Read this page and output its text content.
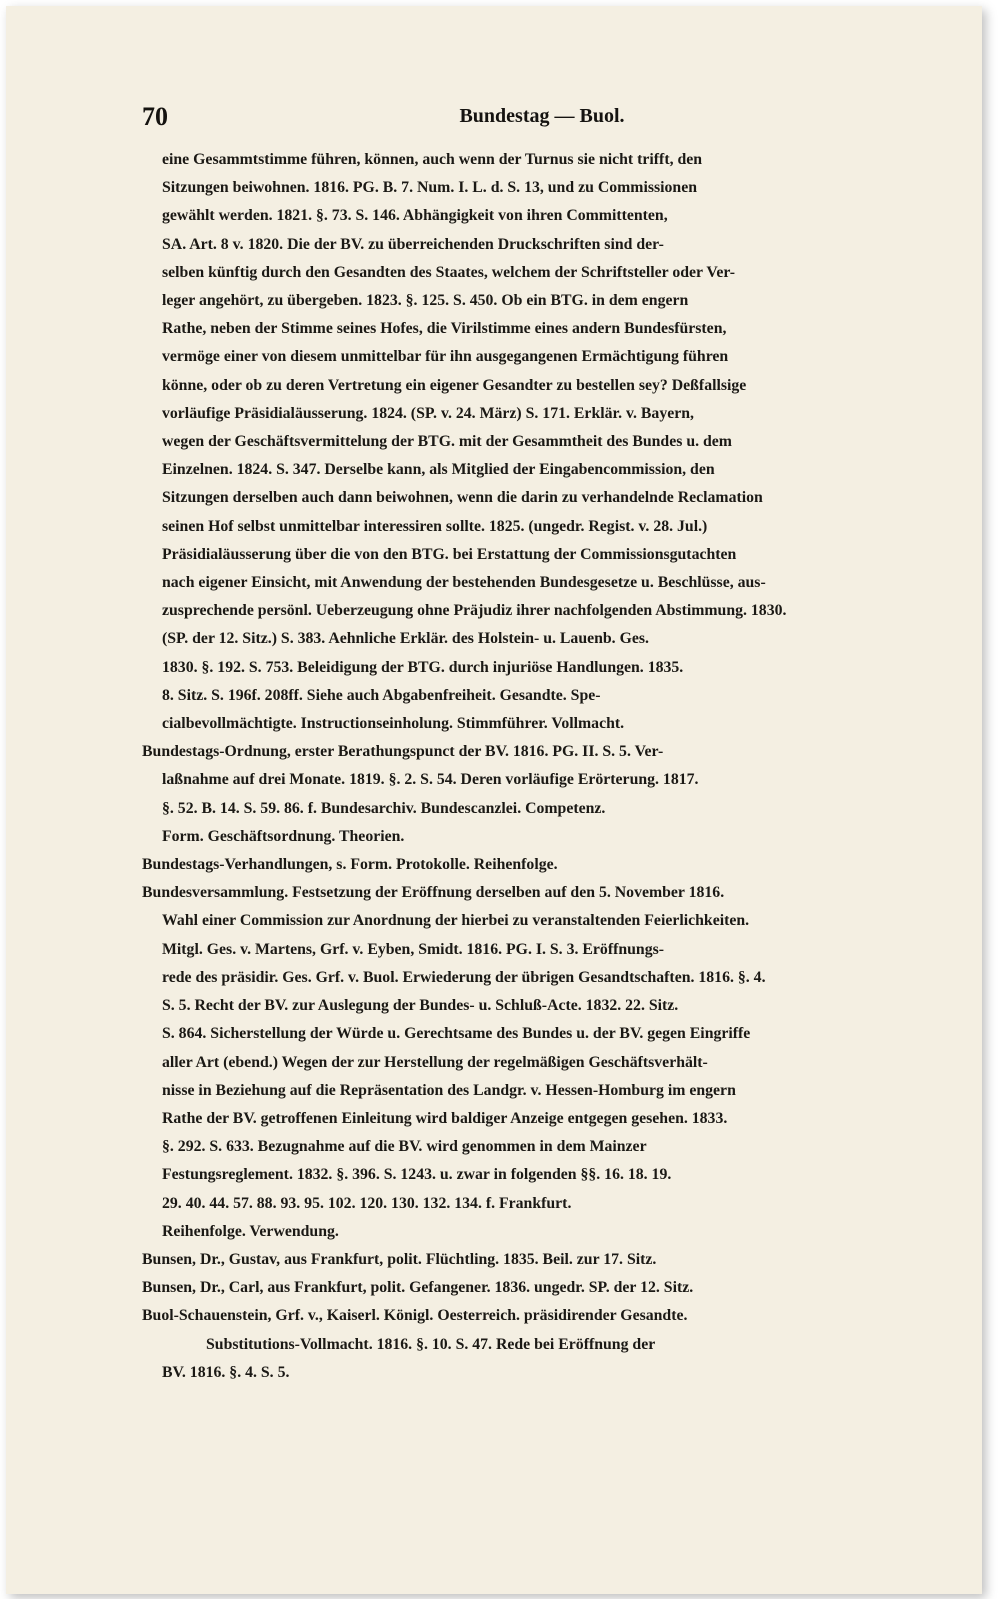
70	Bundestag — Buol.
eine Gesammtstimme führen, können, auch wenn der Turnus sie nicht trifft, den
Sitzungen beiwohnen. 1816. PG. B. 7. Num. I. L. d. S. 13, und zu Commissionen
gewählt werden. 1821. §. 73. S. 146. Abhängigkeit von ihren Committenten,
SA. Art. 8 v. 1820. Die der BV. zu überreichenden Druckschriften sind der-
selben künftig durch den Gesandten des Staates, welchem der Schriftsteller oder Ver-
leger angehört, zu übergeben. 1823. §. 125. S. 450. Ob ein BTG. in dem engern
Rathe, neben der Stimme seines Hofes, die Virilstimme eines andern Bundesfürsten,
vermöge einer von diesem unmittelbar für ihn ausgegangenen Ermächtigung führen
könne, oder ob zu deren Vertretung ein eigener Gesandter zu bestellen sey? Deßfallsige
vorläufige Präsidialäusserung. 1824. (SP. v. 24. März) S. 171. Erklär. v. Bayern,
wegen der Geschäftsvermittelung der BTG. mit der Gesammtheit des Bundes u. dem
Einzelnen. 1824. S. 347. Derselbe kann, als Mitglied der Eingabencommission, den
Sitzungen derselben auch dann beiwohnen, wenn die darin zu verhandelnde Reclamation
seinen Hof selbst unmittelbar interessiren sollte. 1825. (ungedr. Regist. v. 28. Jul.)
Präsidialäusserung über die von den BTG. bei Erstattung der Commissionsgutachten
nach eigener Einsicht, mit Anwendung der bestehenden Bundesgesetze u. Beschlüsse, aus-
zusprechende persönl. Ueberzeugung ohne Präjudiz ihrer nachfolgenden Abstimmung. 1830.
(SP. der 12. Sitz.) S. 383. Aehnliche Erklär. des Holstein- u. Lauenb. Ges.
1830. §. 192. S. 753. Beleidigung der BTG. durch injuriöse Handlungen. 1835.
8. Sitz. S. 196f. 208ff. Siehe auch Abgabenfreiheit. Gesandte. Spe-
cialbevollmächtigte. Instructionseinholung. Stimmführer. Vollmacht.
Bundestags-Ordnung, erster Berathungspunct der BV. 1816. PG. II. S. 5. Ver-
laßnahme auf drei Monate. 1819. §. 2. S. 54. Deren vorläufige Erörterung. 1817.
§. 52. B. 14. S. 59. 86. f. Bundesarchiv. Bundescanzlei. Competenz.
Form. Geschäftsordnung. Theorien.
Bundestags-Verhandlungen, s. Form. Protokolle. Reihenfolge.
Bundesversammlung. Festsetzung der Eröffnung derselben auf den 5. November 1816.
Wahl einer Commission zur Anordnung der hierbei zu veranstaltenden Feierlichkeiten.
Mitgl. Ges. v. Martens, Grf. v. Eyben, Smidt. 1816. PG. I. S. 3. Eröffnungs-
rede des präsidir. Ges. Grf. v. Buol. Erwiederung der übrigen Gesandtschaften. 1816. §. 4.
S. 5. Recht der BV. zur Auslegung der Bundes- u. Schluß-Acte. 1832. 22. Sitz.
S. 864. Sicherstellung der Würde u. Gerechtsame des Bundes u. der BV. gegen Eingriffe
aller Art (ebend.) Wegen der zur Herstellung der regelmäßigen Geschäftsverhält-
nisse in Beziehung auf die Repräsentation des Landgr. v. Hessen-Homburg im engern
Rathe der BV. getroffenen Einleitung wird baldiger Anzeige entgegen gesehen. 1833.
§. 292. S. 633. Bezugnahme auf die BV. wird genommen in dem Mainzer
Festungsreglement. 1832. §. 396. S. 1243. u. zwar in folgenden §§. 16. 18. 19.
29. 40. 44. 57. 88. 93. 95. 102. 120. 130. 132. 134. f. Frankfurt.
Reihenfolge. Verwendung.
Bunsen, Dr., Gustav, aus Frankfurt, polit. Flüchtling. 1835. Beil. zur 17. Sitz.
Bunsen, Dr., Carl, aus Frankfurt, polit. Gefangener. 1836. ungedr. SP. der 12. Sitz.
Buol-Schauenstein, Grf. v., Kaiserl. Königl. Oesterreich. präsidirender Gesandte.
Substitutions-Vollmacht. 1816. §. 10. S. 47. Rede bei Eröffnung der
BV. 1816. §. 4. S. 5.
